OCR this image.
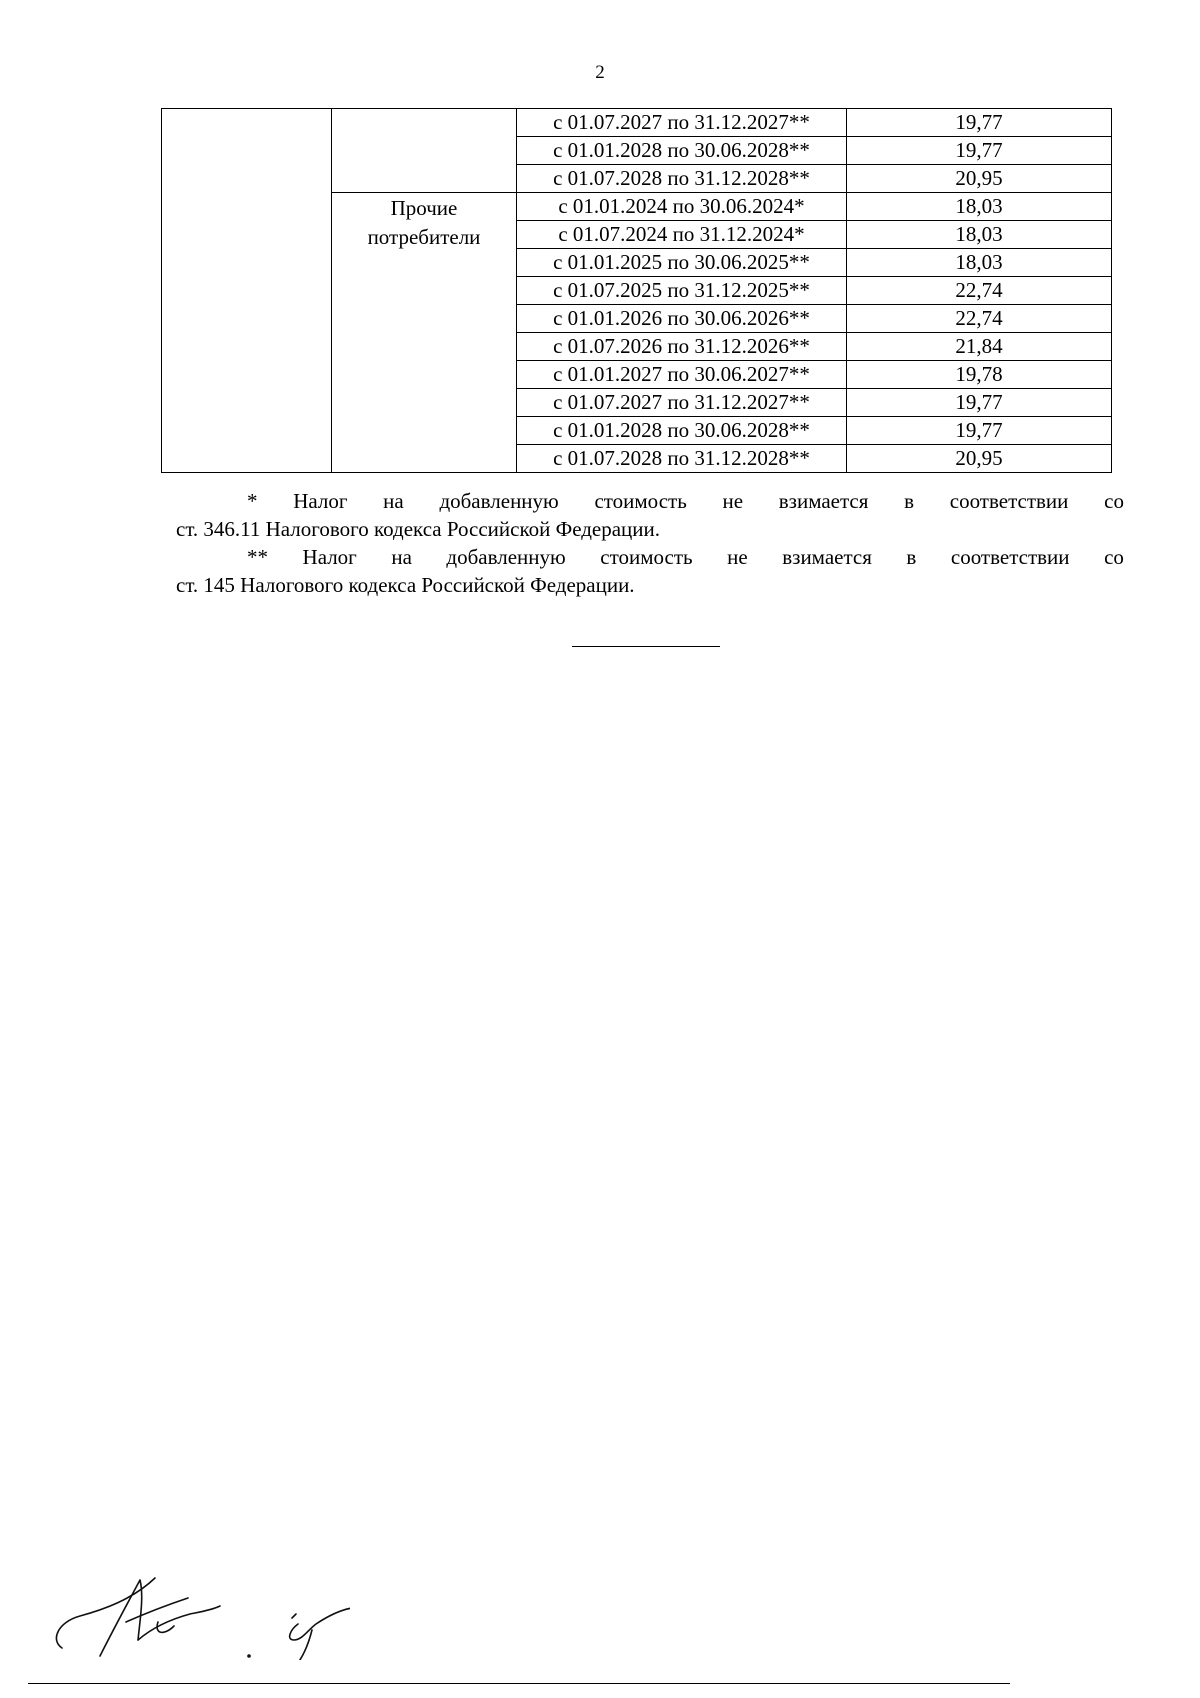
2
		с 01.07.2027 по 31.12.2027**	19,77
		с 01.01.2028 по 30.06.2028**	19,77
		с 01.07.2028 по 31.12.2028**	20,95
	Прочие потребители	с 01.01.2024 по 30.06.2024*	18,03
		с 01.07.2024 по 31.12.2024*	18,03
		с 01.01.2025 по 30.06.2025**	18,03
		с 01.07.2025 по 31.12.2025**	22,74
		с 01.01.2026 по 30.06.2026**	22,74
		с 01.07.2026 по 31.12.2026**	21,84
		с 01.01.2027 по 30.06.2027**	19,78
		с 01.07.2027 по 31.12.2027**	19,77
		с 01.01.2028 по 30.06.2028**	19,77
		с 01.07.2028 по 31.12.2028**	20,95
* Налог на добавленную стоимость не взимается в соответствии со

ст. 346.11 Налогового кодекса Российской Федерации.

** Налог на добавленную стоимость не взимается в соответствии со

ст. 145 Налогового кодекса Российской Федерации.
